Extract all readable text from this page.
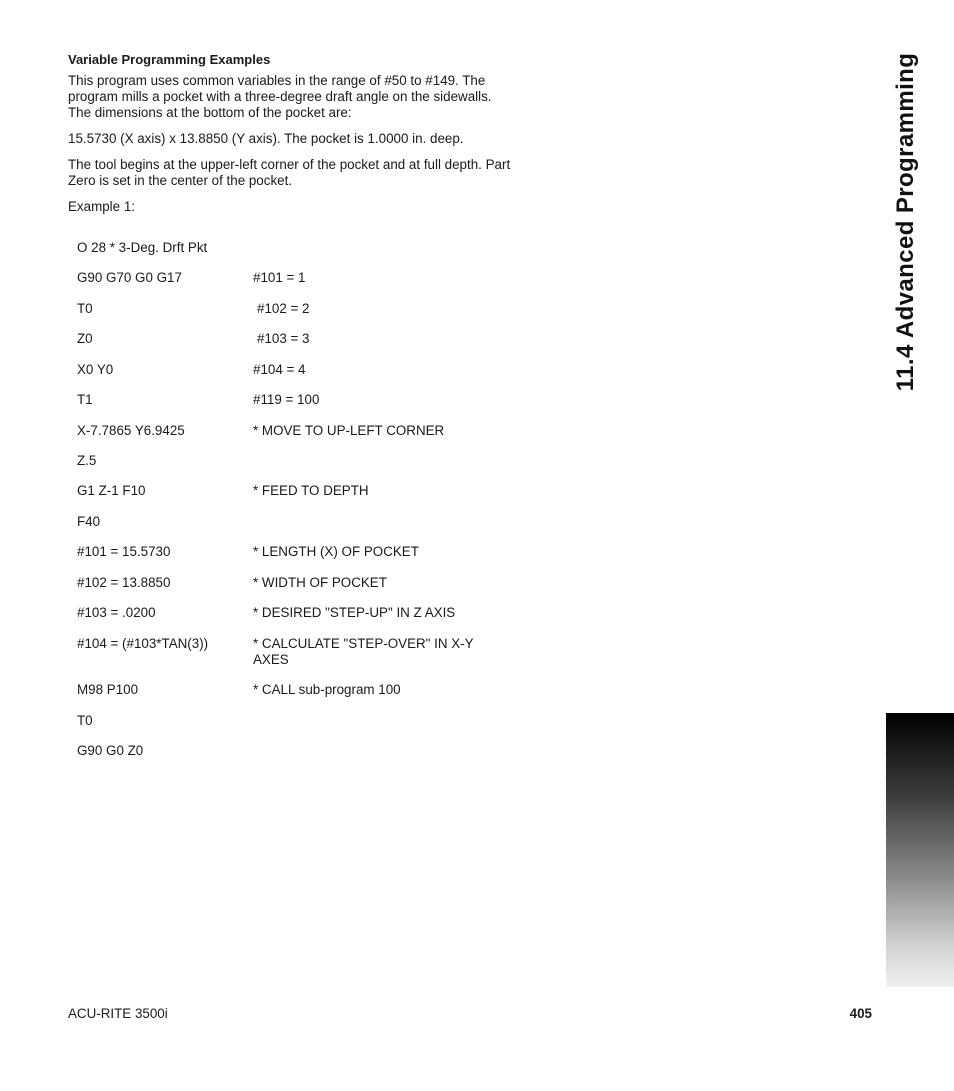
Variable Programming Examples

This program uses common variables in the range of #50 to #149. The program mills a pocket with a three-degree draft angle on the sidewalls. The dimensions at the bottom of the pocket are:

15.5730 (X axis) x 13.8850 (Y axis). The pocket is 1.0000 in. deep.

The tool begins at the upper-left corner of the pocket and at full depth. Part Zero is set in the center of the pocket.

Example 1:

O 28 * 3-Deg. Drft Pkt
G90 G70 G0 G17	#101 = 1
T0	#102 = 2
Z0	#103 = 3
X0 Y0	#104 = 4
T1	#119 = 100
X-7.7865 Y6.9425	* MOVE TO UP-LEFT CORNER
Z.5
G1 Z-1 F10	* FEED TO DEPTH
F40
#101 = 15.5730	* LENGTH (X) OF POCKET
#102 = 13.8850	* WIDTH OF POCKET
#103 = .0200	* DESIRED "STEP-UP" IN Z AXIS
#104 = (#103*TAN(3))	* CALCULATE "STEP-OVER" IN X-Y AXES
M98 P100	* CALL sub-program 100
T0
G90 G0 Z0
11.4 Advanced Programming
ACU-RITE 3500i	405
